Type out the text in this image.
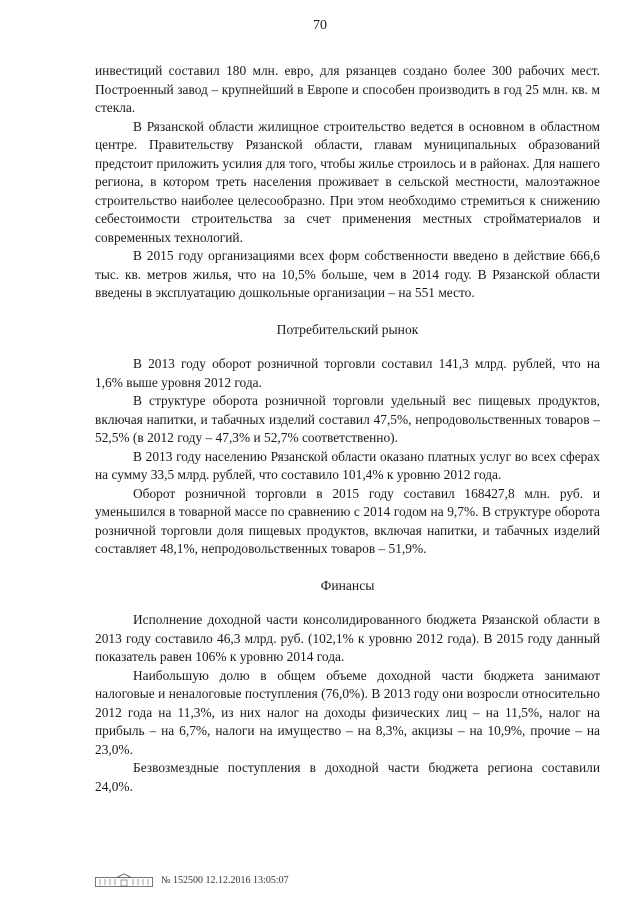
70

инвестиций составил 180 млн. евро, для рязанцев создано более 300 рабочих мест. Построенный завод – крупнейший в Европе и способен производить в год 25 млн. кв. м стекла.

В Рязанской области жилищное строительство ведется в основном в областном центре. Правительству Рязанской области, главам муниципальных образований предстоит приложить усилия для того, чтобы жилье строилось и в районах. Для нашего региона, в котором треть населения проживает в сельской местности, малоэтажное строительство наиболее целесообразно. При этом необходимо стремиться к снижению себестоимости строительства за счет применения местных стройматериалов и современных технологий.

В 2015 году организациями всех форм собственности введено в действие 666,6 тыс. кв. метров жилья, что на 10,5% больше, чем в 2014 году. В Рязанской области введены в эксплуатацию дошкольные организации – на 551 место.

Потребительский рынок

В 2013 году оборот розничной торговли составил 141,3 млрд. рублей, что на 1,6% выше уровня 2012 года.

В структуре оборота розничной торговли удельный вес пищевых продуктов, включая напитки, и табачных изделий составил 47,5%, непродовольственных товаров – 52,5% (в 2012 году – 47,3% и 52,7% соответственно).

В 2013 году населению Рязанской области оказано платных услуг во всех сферах на сумму 33,5 млрд. рублей, что составило 101,4% к уровню 2012 года.

Оборот розничной торговли в 2015 году составил 168427,8 млн. руб. и уменьшился в товарной массе по сравнению с 2014 годом на 9,7%. В структуре оборота розничной торговли доля пищевых продуктов, включая напитки, и табачных изделий составляет 48,1%, непродовольственных товаров – 51,9%.

Финансы

Исполнение доходной части консолидированного бюджета Рязанской области в 2013 году составило 46,3 млрд. руб. (102,1% к уровню 2012 года). В 2015 году данный показатель равен 106% к уровню 2014 года.

Наибольшую долю в общем объеме доходной части бюджета занимают налоговые и неналоговые поступления (76,0%). В 2013 году они возросли относительно 2012 года на 11,3%, из них налог на доходы физических лиц – на 11,5%, налог на прибыль – на 6,7%, налоги на имущество – на 8,3%, акцизы – на 10,9%, прочие – на 23,0%.

Безвозмездные поступления в доходной части бюджета региона составили 24,0%.

№ 152500 12.12.2016 13:05:07
